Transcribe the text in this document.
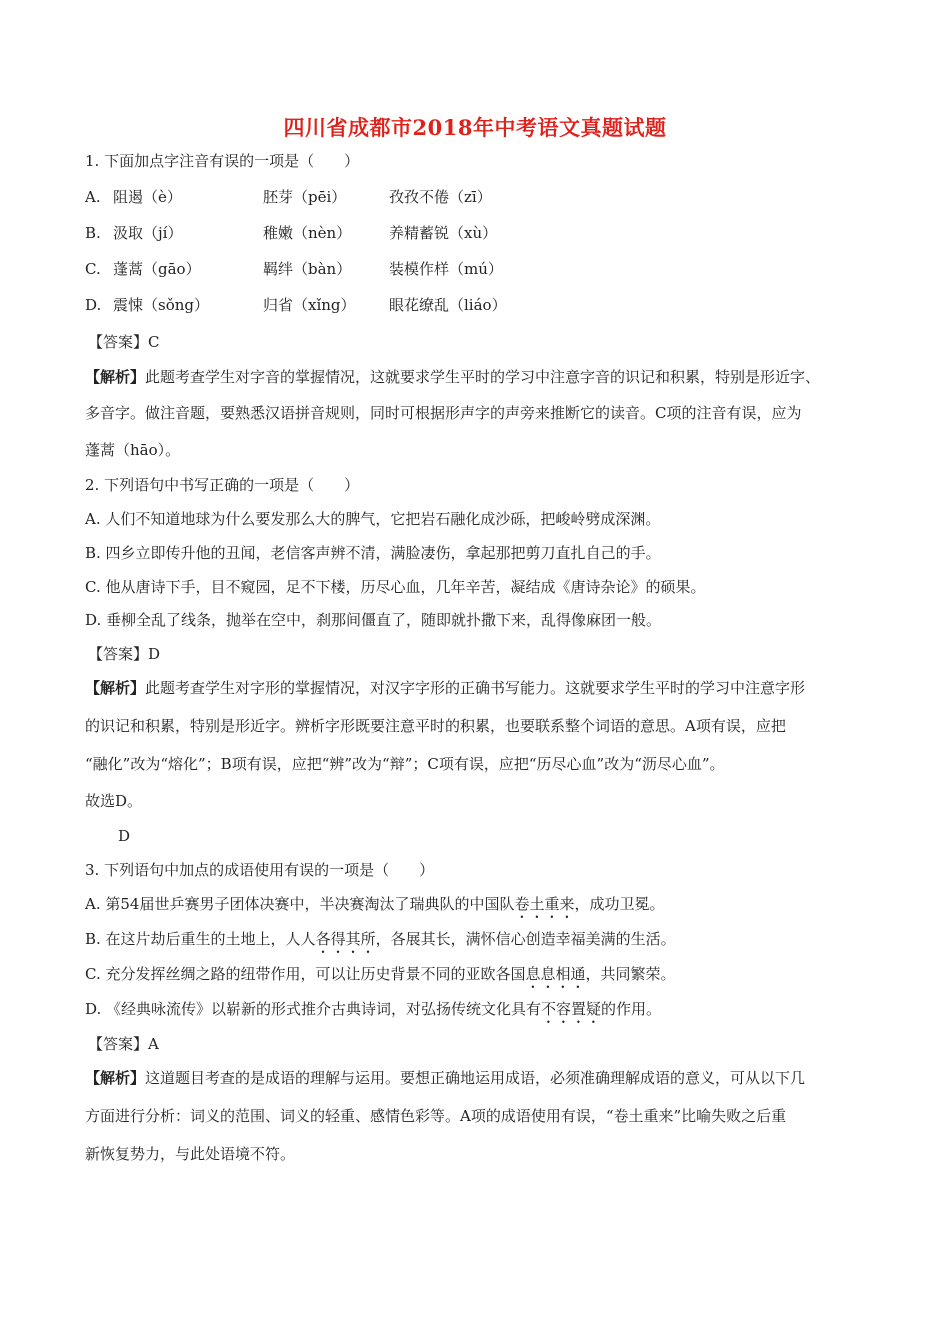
四川省成都市2018年中考语文真题试题
1. 下面加点字注音有误的一项是（　　）
A. 阻遏（è）	胚芽（pēi）	孜孜不倦（zī）
B. 汲取（jí）	稚嫩（nèn）	养精蓄锐（xù）
C. 蓬蒿（gāo）	羁绊（bàn）	装模作样（mú）
D. 震悚（sǒng）	归省（xǐng） 眼花缭乱（liáo）
【答案】C
【解析】此题考查学生对字音的掌握情况，这就要求学生平时的学习中注意字音的识记和积累，特别是形近字、
多音字。做注音题，要熟悉汉语拼音规则，同时可根据形声字的声旁来推断它的读音。C项的注音有误，应为
蓬蒿（hāo）。
2. 下列语句中书写正确的一项是（　　）
A. 人们不知道地球为什么要发那么大的脾气，它把岩石融化成沙砾，把峻岭劈成深渊。
B. 四乡立即传升他的丑闻，老信客声辨不清，满脸凄伤，拿起那把剪刀直扎自己的手。
C. 他从唐诗下手，目不窥园，足不下楼，历尽心血，几年辛苦，凝结成《唐诗杂论》的硕果。
D. 垂柳全乱了线条，抛举在空中，刹那间僵直了，随即就扑撒下来，乱得像麻团一般。
【答案】D
【解析】此题考查学生对字形的掌握情况，对汉字字形的正确书写能力。这就要求学生平时的学习中注意字形
的识记和积累，特别是形近字。辨析字形既要注意平时的积累，也要联系整个词语的意思。A项有误，应把
“融化”改为“熔化”；B项有误，应把“辨”改为“辩”；C项有误，应把“历尽心血”改为“沥尽心血”。
故选D。
D
3. 下列语句中加点的成语使用有误的一项是（　　）
A. 第54届世乒赛男子团体决赛中，半决赛淘汰了瑞典队的中国队卷土重来，成功卫冕。
B. 在这片劫后重生的土地上，人人各得其所，各展其长，满怀信心创造幸福美满的生活。
C. 充分发挥丝绸之路的纽带作用，可以让历史背景不同的亚欧各国息息相通，共同繁荣。
D. 《经典咏流传》以崭新的形式推介古典诗词，对弘扬传统文化具有不容置疑的作用。
【答案】A
【解析】这道题目考查的是成语的理解与运用。要想正确地运用成语，必须准确理解成语的意义，可从以下几
方面进行分析：词义的范围、词义的轻重、感情色彩等。A项的成语使用有误，“卷土重来”比喻失败之后重
新恢复势力，与此处语境不符。
